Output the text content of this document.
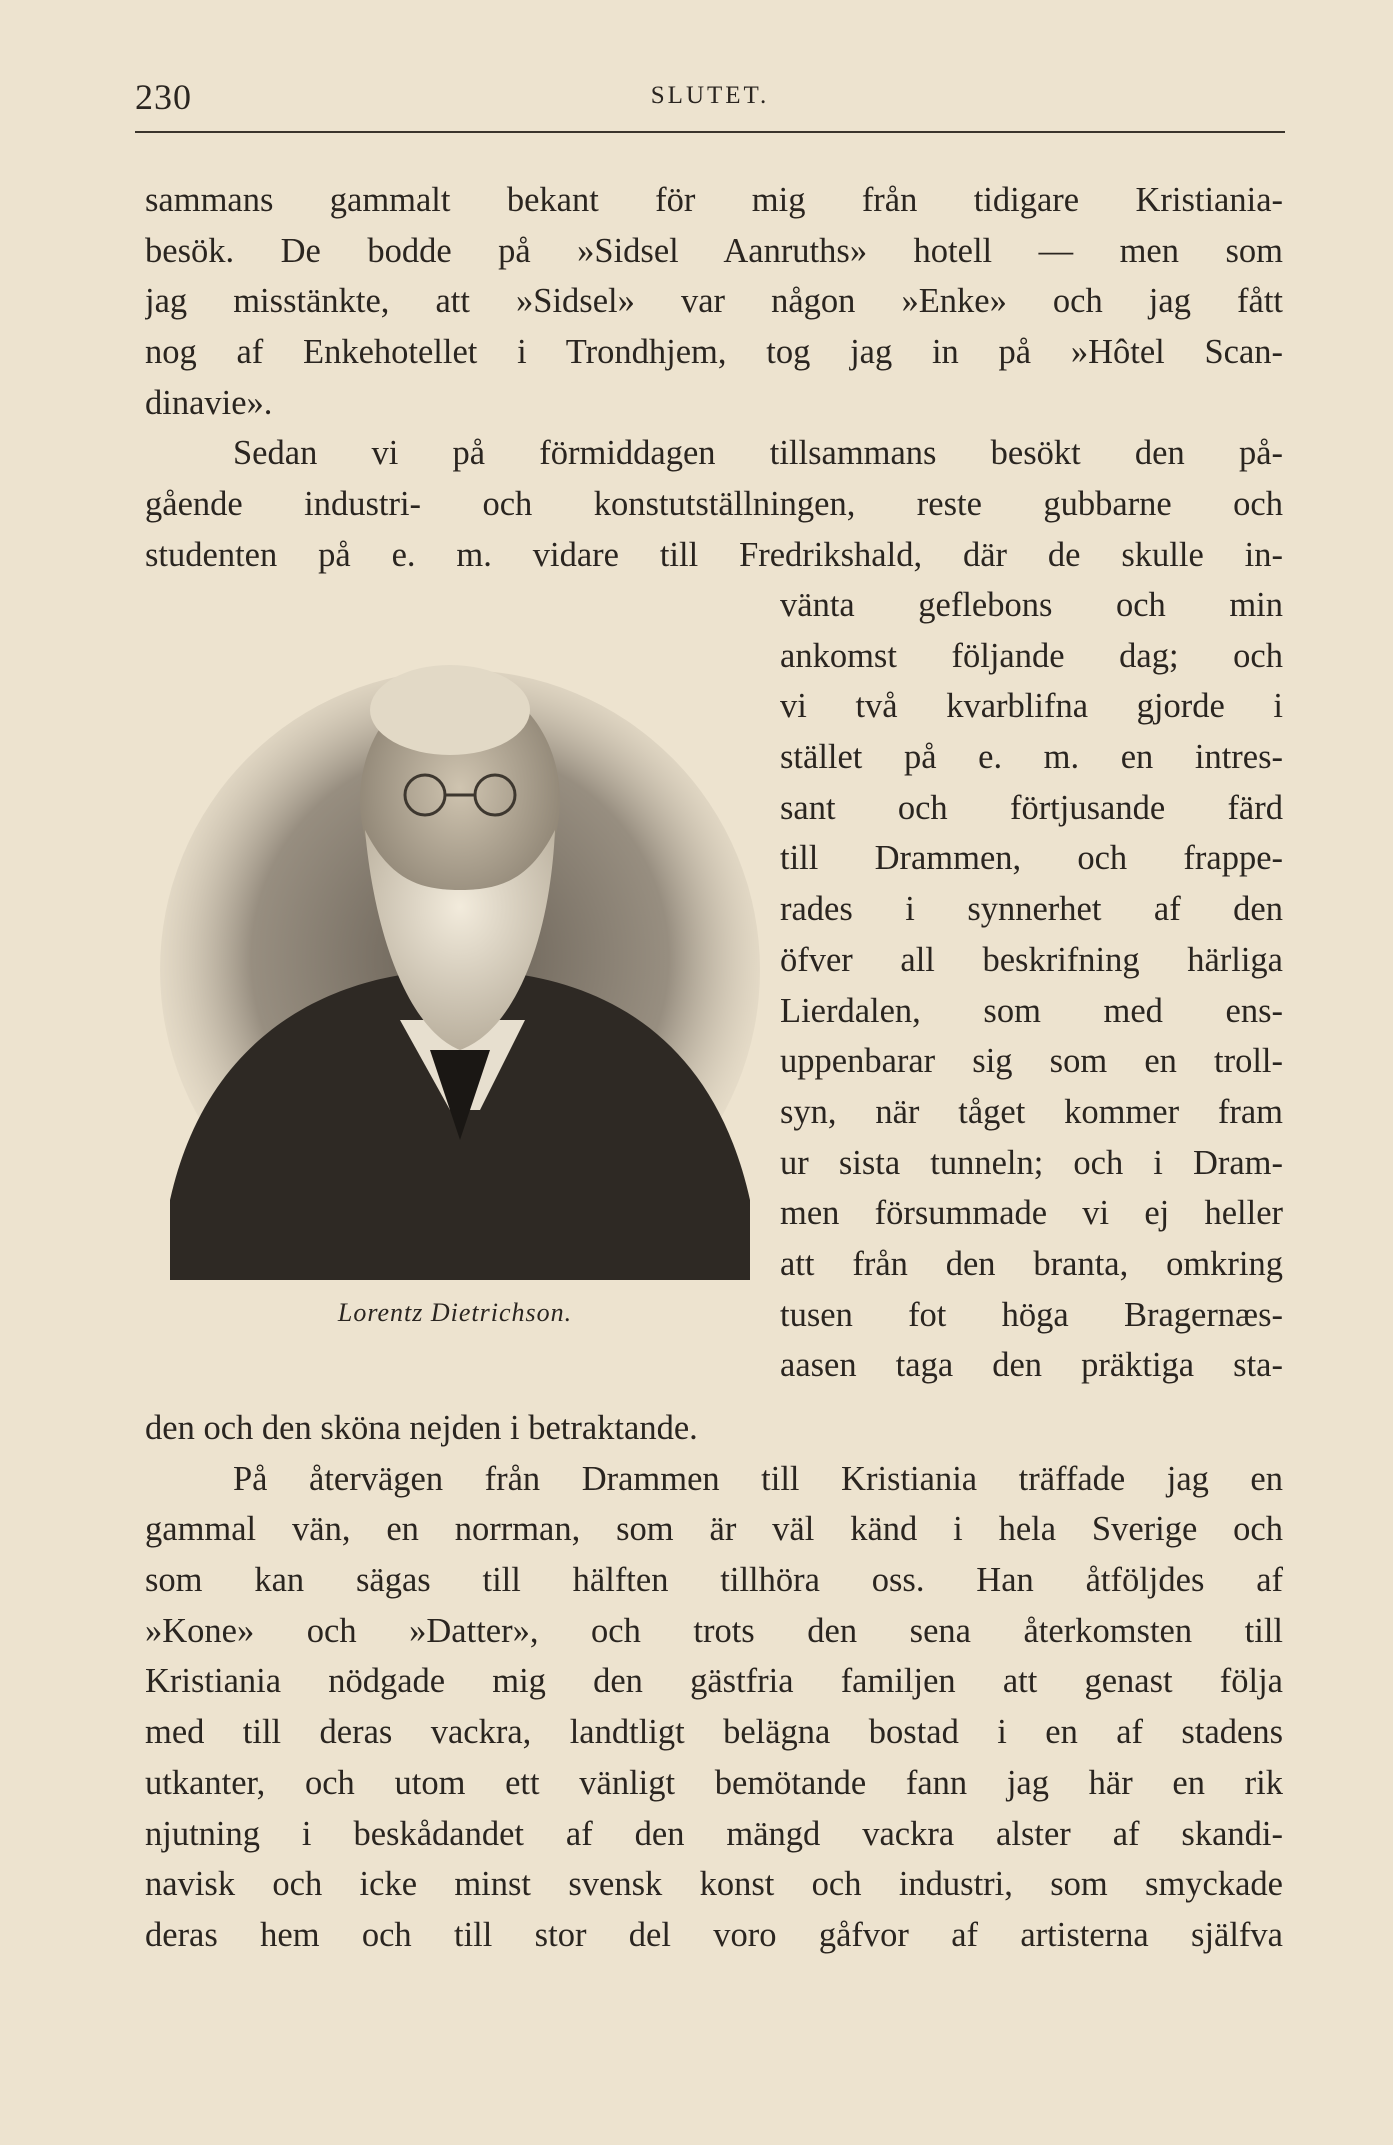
230	SLUTET.
sammans gammalt bekant för mig från tidigare Kristiania-
besök. De bodde på »Sidsel Aanruths» hotell — men som
jag misstänkte, att »Sidsel» var någon »Enke» och jag fått
nog af Enkehotellet i Trondhjem, tog jag in på »Hôtel Scan-
dinavie».
Sedan vi på förmiddagen tillsammans besökt den på-
gående industri- och konstutställningen, reste gubbarne och
studenten på e. m. vidare till Fredrikshald, där de skulle in-
vänta geflebons och min
ankomst följande dag; och
vi två kvarblifna gjorde i
stället på e. m. en intres-
sant och förtjusande färd
till Drammen, och frappe-
rades i synnerhet af den
öfver all beskrifning härliga
Lierdalen, som med ens-
uppenbarar sig som en troll-
syn, när tåget kommer fram
ur sista tunneln; och i Dram-
men försummade vi ej heller
att från den branta, omkring
tusen fot höga Bragernæs-
aasen taga den präktiga sta-
Lorentz Dietrichson.
den och den sköna nejden i betraktande.
På återvägen från Drammen till Kristiania träffade jag en
gammal vän, en norrman, som är väl känd i hela Sverige och
som kan sägas till hälften tillhöra oss. Han åtföljdes af
»Kone» och »Datter», och trots den sena återkomsten till
Kristiania nödgade mig den gästfria familjen att genast följa
med till deras vackra, landtligt belägna bostad i en af stadens
utkanter, och utom ett vänligt bemötande fann jag här en rik
njutning i beskådandet af den mängd vackra alster af skandi-
navisk och icke minst svensk konst och industri, som smyckade
deras hem och till stor del voro gåfvor af artisterna själfva
